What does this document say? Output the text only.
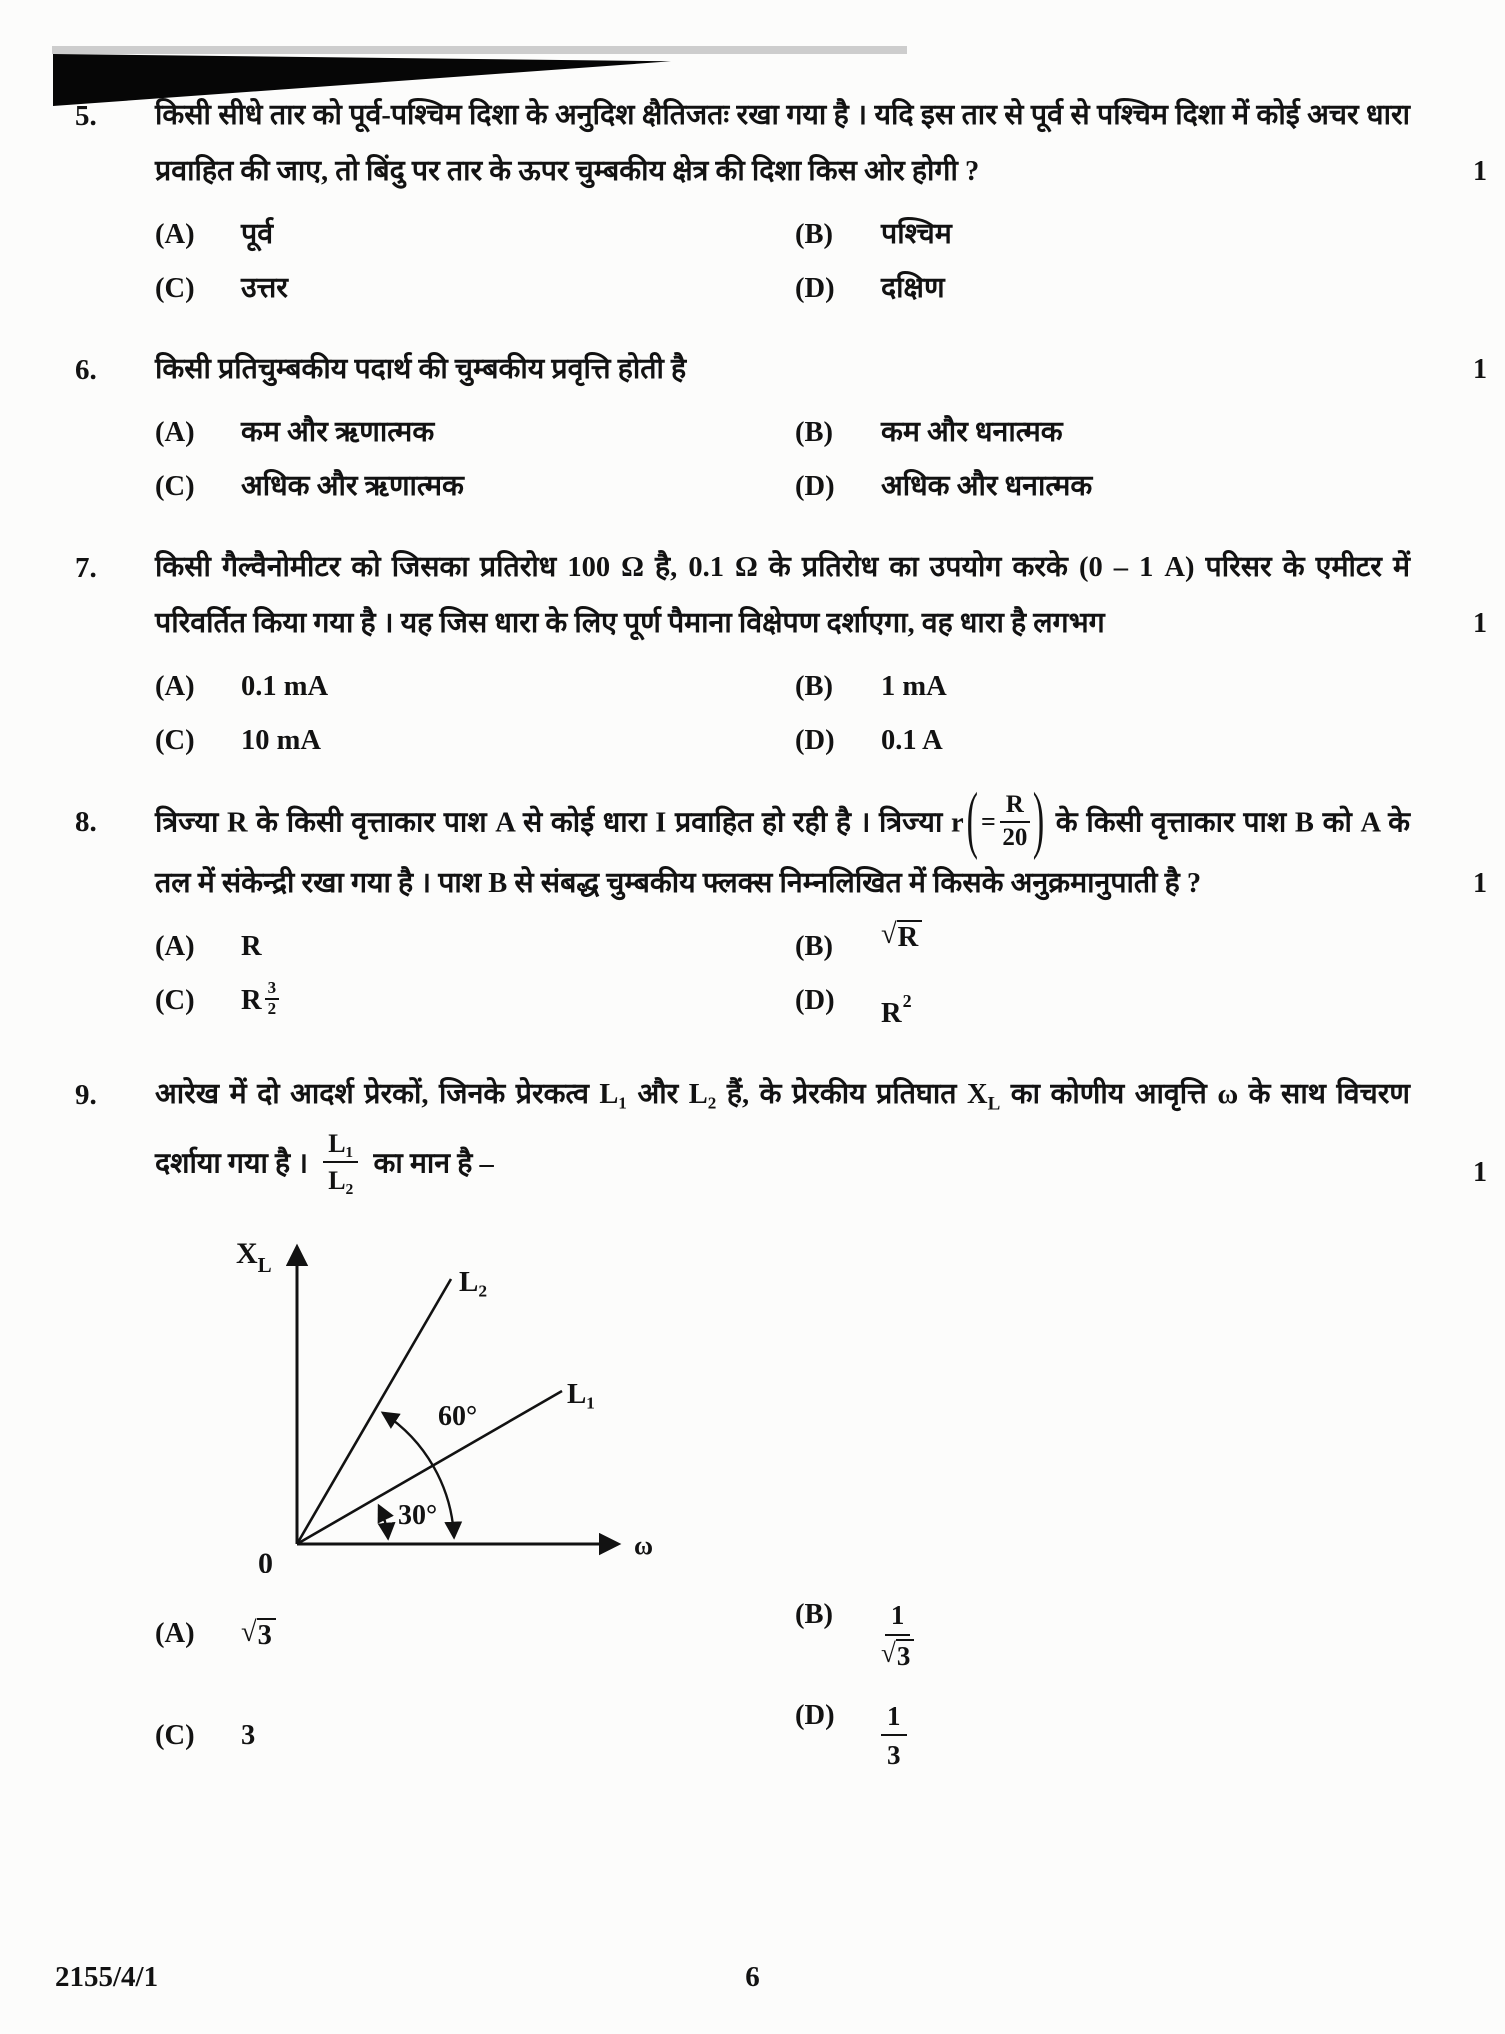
5.	किसी सीधे तार को पूर्व-पश्चिम दिशा के अनुदिश क्षैतिजतः रखा गया है । यदि इस तार से पूर्व से पश्चिम दिशा में कोई अचर धारा प्रवाहित की जाए, तो बिंदु पर तार के ऊपर चुम्बकीय क्षेत्र की दिशा किस ओर होगी ?	1

(A)	पूर्व	(B)	पश्चिम
(C)	उत्तर	(D)	दक्षिण
6.	किसी प्रतिचुम्बकीय पदार्थ की चुम्बकीय प्रवृत्ति होती है	1

(A)	कम और ऋणात्मक	(B)	कम और धनात्मक
(C)	अधिक और ऋणात्मक	(D)	अधिक और धनात्मक
7.	किसी गैल्वैनोमीटर को जिसका प्रतिरोध 100 Ω है, 0.1 Ω के प्रतिरोध का उपयोग करके (0 – 1 A) परिसर के एमीटर में परिवर्तित किया गया है । यह जिस धारा के लिए पूर्ण पैमाना विक्षेपण दर्शाएगा, वह धारा है लगभग	1

(A)	0.1 mA	(B)	1 mA
(C)	10 mA	(D)	0.1 A
8.	त्रिज्या R के किसी वृत्ताकार पाश A से कोई धारा I प्रवाहित हो रही है । त्रिज्या $r( = \frac{R}{20}$ ) के किसी वृत्ताकार पाश B को A के तल में संकेन्द्री रखा गया है । पाश B से संबद्ध चुम्बकीय फ्लक्स निम्नलिखित में किसके अनुक्रमानुपाती है ?	1

(A)	R	(B)	√ R
(C)	R $\frac{3}{2}$	(D)	$R^2$
9.	आरेख में दो आदर्श प्रेरकों, जिनके प्रेरकत्व L₁ और L₂ हैं, के प्रेरकीय प्रतिघात $X_L$ का कोणीय आवृत्ति ω के साथ विचरण दर्शाया गया है । $\frac{\text{L₁}}{\text{L₂}}$ का मान है –	1

$X_L$
ω
0
L₁
L₂
60°
30°
(A)	√ 3
(B)	$\frac{1}{√ 3}$
(C)	3
(D)	$\frac{1}{3}$
2155/4/1	6
